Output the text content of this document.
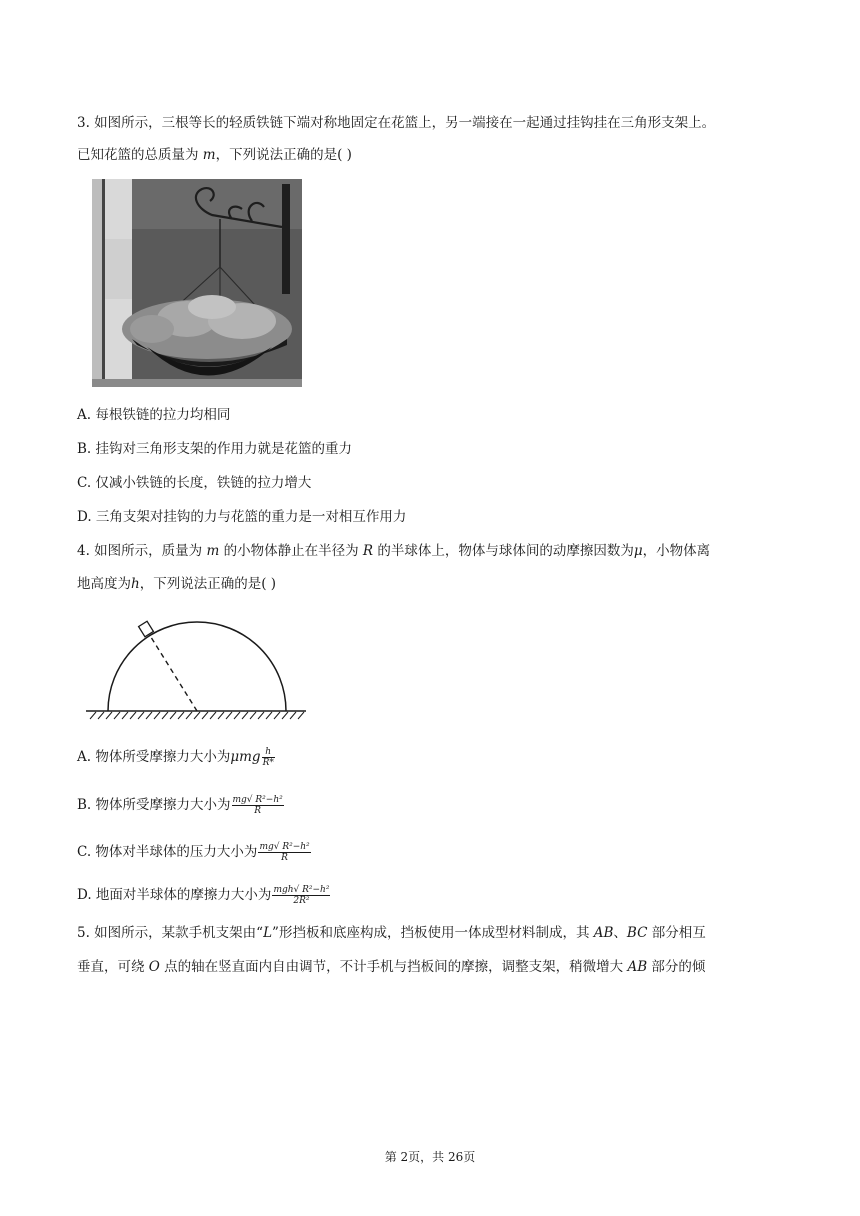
3. 如图所示，三根等长的轻质铁链下端对称地固定在花篮上，另一端接在一起通过挂钩挂在三角形支架上。
已知花篮的总质量为 m，下列说法正确的是( )
A. 每根铁链的拉力均相同
B. 挂钩对三角形支架的作用力就是花篮的重力
C. 仅减小铁链的长度，铁链的拉力增大
D. 三角支架对挂钩的力与花篮的重力是一对相互作用力
4. 如图所示，质量为 m 的小物体静止在半径为 R 的半球体上，物体与球体间的动摩擦因数为μ，小物体离
地高度为h，下列说法正确的是( )
A. 物体所受摩擦力大小为μmg $\frac{h}{R*}$
B. 物体所受摩擦力大小为 $\frac{\text{mg√ R²−h²}}{R}$
C. 物体对半球体的压力大小为 $\frac{\text{mg√ R²−h²}}{R}$
D. 地面对半球体的摩擦力大小为 $\frac{\text{mgh√ R²−h²}}{\text{2R²}}$
5. 如图所示，某款手机支架由“L”形挡板和底座构成，挡板使用一体成型材料制成，其 AB、BC 部分相互
垂直，可绕 O 点的轴在竖直面内自由调节，不计手机与挡板间的摩擦，调整支架，稍微增大 AB 部分的倾
第 2页，共 26页
